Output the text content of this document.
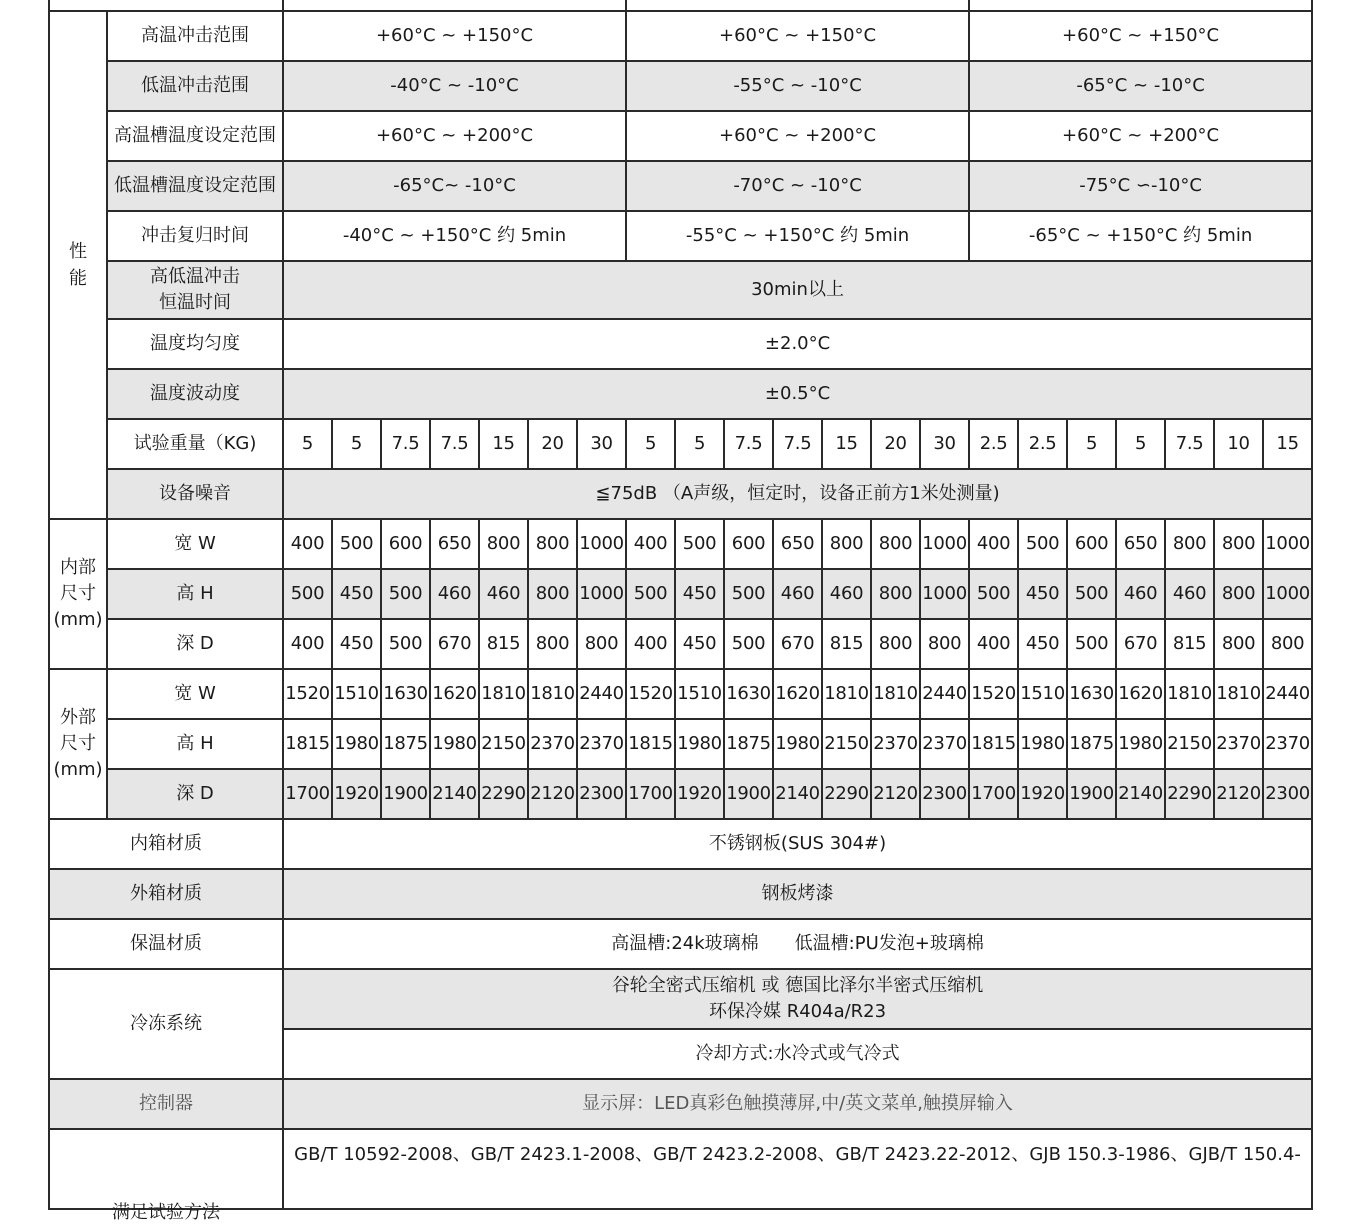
性能	高温冲击范围	+60°C ~ +150°C							+60°C ~ +150°C							+60°C ~ +150°C						
	低温冲击范围	-40°C ~ -10°C							-55°C ~ -10°C							-65°C ~ -10°C						
	高温槽温度设定范围	+60°C ~ +200°C							+60°C ~ +200°C							+60°C ~ +200°C						
	低温槽温度设定范围	-65°C~ -10°C							-70°C ~ -10°C							-75°C ∽-10°C						
	冲击复归时间	-40°C ~ +150°C 约 5min							-55°C ~ +150°C 约 5min							-65°C ~ +150°C 约 5min						

	高低温冲击
恒温时间	30min以上																				
	温度均匀度	±2.0°C																				
	温度波动度	±0.5°C																				
	试验重量（KG)	5	5	7.5	7.5	15	20	30	5	5	7.5	7.5	15	20	30	2.5	2.5	5	5	7.5	10	15
	设备噪音	≦75dB （A声级，恒定时，设备正前方1米处测量)																				

内部
尺寸
(mm)	宽 W	400	500	600	650	800	800	1000	400	500	600	650	800	800	1000	400	500	600	650	800	800	1000
	高 H	500	450	500	460	460	800	1000	500	450	500	460	460	800	1000	500	450	500	460	460	800	1000
	深 D	400	450	500	670	815	800	800	400	450	500	670	815	800	800	400	450	500	670	815	800	800

外部
尺寸
(mm)	宽 W	1520	1510	1630	1620	1810	1810	2440	1520	1510	1630	1620	1810	1810	2440	1520	1510	1630	1620	1810	1810	2440
	高 H	1815	1980	1875	1980	2150	2370	2370	1815	1980	1875	1980	2150	2370	2370	1815	1980	1875	1980	2150	2370	2370
	深 D	1700	1920	1900	2140	2290	2120	2300	1700	1920	1900	2140	2290	2120	2300	1700	1920	1900	2140	2290	2120	2300
内箱材质		不锈钢板(SUS 304#)																				
外箱材质		钢板烤漆																				
保温材质		高温槽:24k玻璃棉 低温槽:PU发泡+玻璃棉																				
冷冻系统		谷轮全密式压缩机 或 德国比泽尔半密式压缩机
环保冷媒 R404a/R23																				

		冷却方式:水冷式或气冷式																				
控制器		显示屏：LED真彩色触摸薄屏,中/英文菜单,触摸屏输入																				

满足试验方法		GB/T 10592-2008、GB/T 2423.1-2008、GB/T 2423.2-2008、GB/T 2423.22-2012、GJB 150.3-1986、GJB/T 150.4-																				
